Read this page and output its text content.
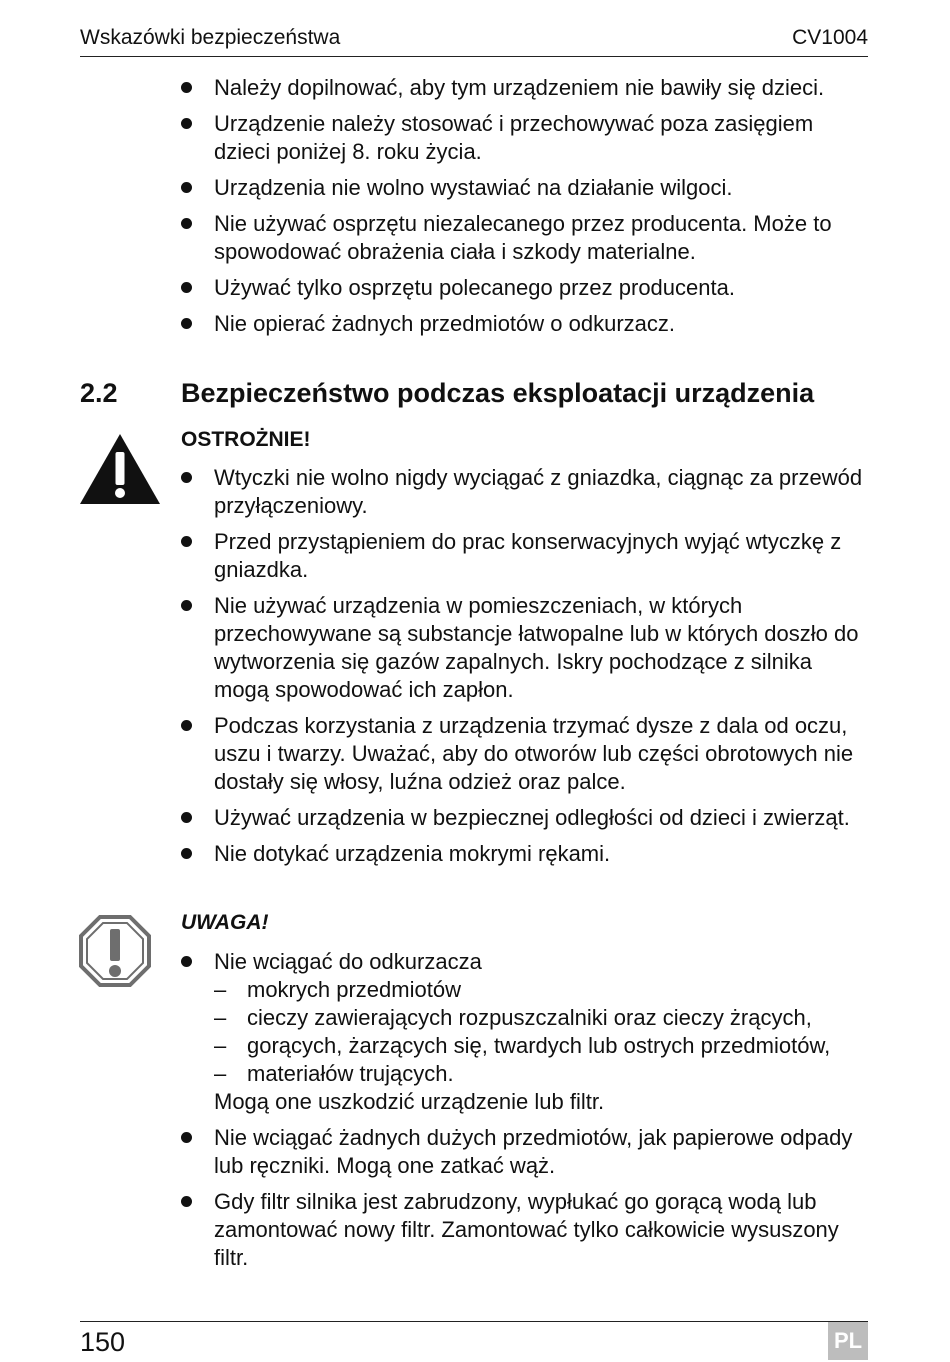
Wskazówki bezpieczeństwa	CV1004
Należy dopilnować, aby tym urządzeniem nie bawiły się dzieci.
Urządzenie należy stosować i przechowywać poza zasięgiem dzieci poniżej 8. roku życia.
Urządzenia nie wolno wystawiać na działanie wilgoci.
Nie używać osprzętu niezalecanego przez producenta. Może to spowodować obrażenia ciała i szkody materialne.
Używać tylko osprzętu polecanego przez producenta.
Nie opierać żadnych przedmiotów o odkurzacz.
2.2 Bezpieczeństwo podczas eksploatacji urządzenia
OSTROŻNIE!
Wtyczki nie wolno nigdy wyciągać z gniazdka, ciągnąc za przewód przyłączeniowy.
Przed przystąpieniem do prac konserwacyjnych wyjąć wtyczkę z gniazdka.
Nie używać urządzenia w pomieszczeniach, w których przechowywane są substancje łatwopalne lub w których doszło do wytworzenia się gazów zapalnych. Iskry pochodzące z silnika mogą spowodować ich zapłon.
Podczas korzystania z urządzenia trzymać dysze z dala od oczu, uszu i twarzy. Uważać, aby do otworów lub części obrotowych nie dostały się włosy, luźna odzież oraz palce.
Używać urządzenia w bezpiecznej odległości od dzieci i zwierząt.
Nie dotykać urządzenia mokrymi rękami.
UWAGA!
Nie wciągać do odkurzacza
– mokrych przedmiotów
– cieczy zawierających rozpuszczalniki oraz cieczy żrących,
– gorących, żarzących się, twardych lub ostrych przedmiotów,
– materiałów trujących.
Mogą one uszkodzić urządzenie lub filtr.
Nie wciągać żadnych dużych przedmiotów, jak papierowe odpady lub ręczniki. Mogą one zatkać wąż.
Gdy filtr silnika jest zabrudzony, wypłukać go gorącą wodą lub zamontować nowy filtr. Zamontować tylko całkowicie wysuszony filtr.
150	PL
